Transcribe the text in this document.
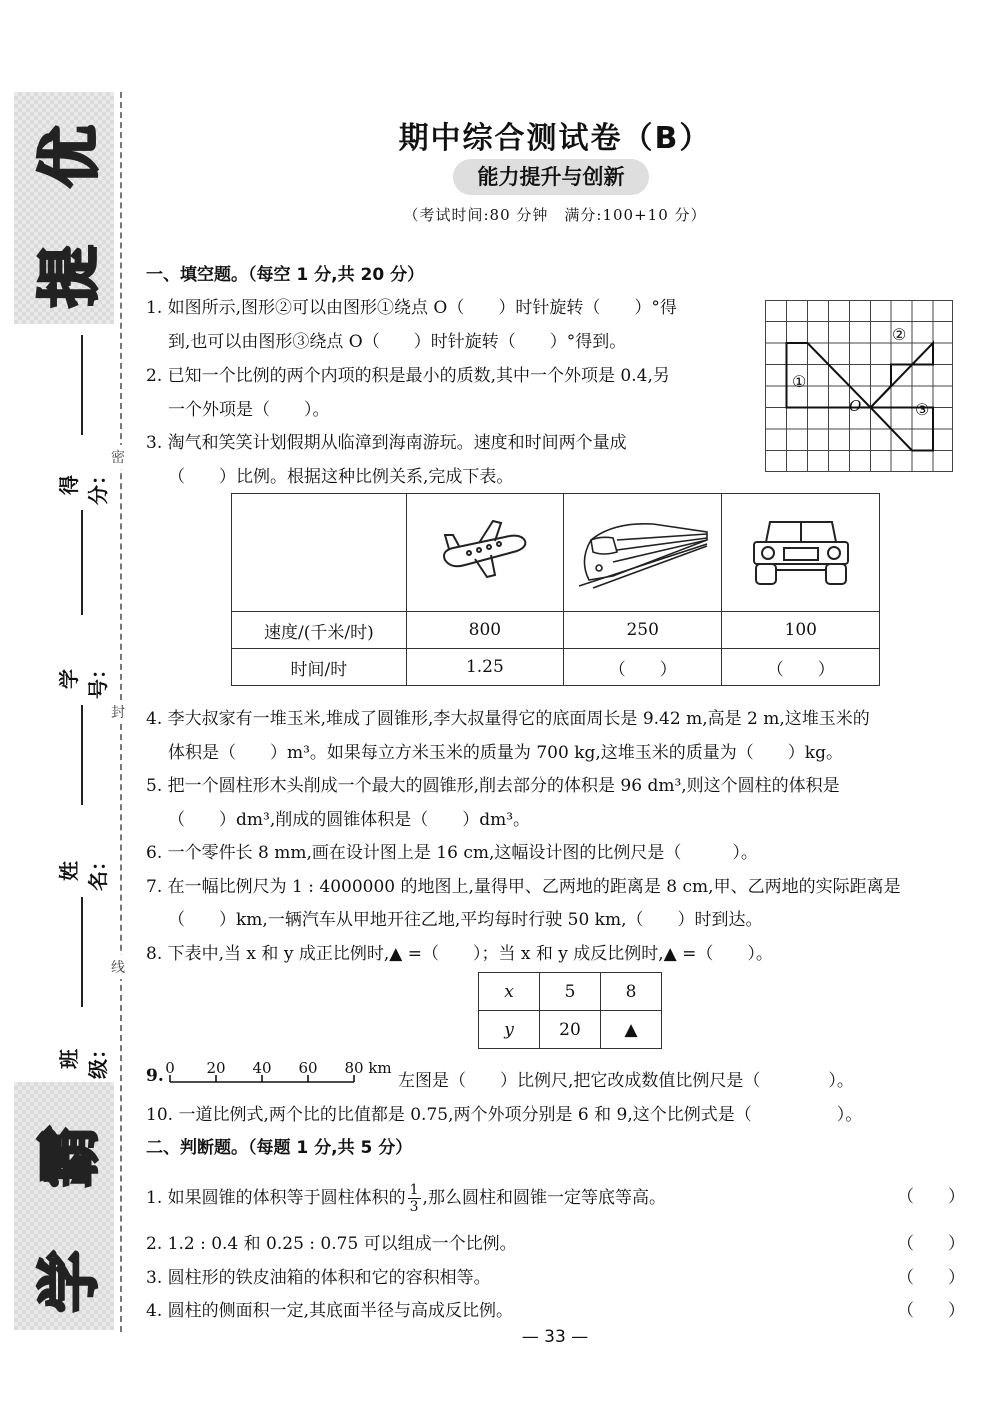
提
优
得分：
学号：
姓名：
班级：
学
霸
密
封
线
期中综合测试卷（B）
能力提升与创新
（考试时间:80 分钟　满分:100+10 分）
一、填空题。（每空 1 分,共 20 分）
1. 如图所示,图形②可以由图形①绕点 O（　　）时针旋转（　　）°得
到,也可以由图形③绕点 O（　　）时针旋转（　　）°得到。
①
②
③
O
2. 已知一个比例的两个内项的积是最小的质数,其中一个外项是 0.4,另
一个外项是（　　）。
3. 淘气和笑笑计划假期从临漳到海南游玩。速度和时间两个量成
（　　）比例。根据这种比例关系,完成下表。

速度/(千米/时)	800	250	100
时间/时	1.25	（　　）	（　　）
4. 李大叔家有一堆玉米,堆成了圆锥形,李大叔量得它的底面周长是 9.42 m,高是 2 m,这堆玉米的
体积是（　　）m³。如果每立方米玉米的质量为 700 kg,这堆玉米的质量为（　　）kg。
5. 把一个圆柱形木头削成一个最大的圆锥形,削去部分的体积是 96 dm³,则这个圆柱的体积是
（　　）dm³,削成的圆锥体积是（　　）dm³。
6. 一个零件长 8 mm,画在设计图上是 16 cm,这幅设计图的比例尺是（　　　）。
7. 在一幅比例尺为 1 : 4000000 的地图上,量得甲、乙两地的距离是 8 cm,甲、乙两地的实际距离是
（　　）km,一辆汽车从甲地开往乙地,平均每时行驶 50 km,（　　）时到达。
8. 下表中,当 x 和 y 成正比例时,▲ =（　　）；当 x 和 y 成反比例时,▲ =（　　）。
x	5	8
y	20	▲
9. 0 20 40 60 80 km
左图是（　　）比例尺,把它改成数值比例尺是（　　　　）。
10. 一道比例式,两个比的比值都是 0.75,两个外项分别是 6 和 9,这个比例式是（　　　　　）。
二、判断题。（每题 1 分,共 5 分）
1. 如果圆锥的体积等于圆柱体积的 $\frac{1}{3}$ ,那么圆柱和圆锥一定等底等高。	（　　）
2. 1.2 : 0.4 和 0.25 : 0.75 可以组成一个比例。	（　　）
3. 圆柱形的铁皮油箱的体积和它的容积相等。	（　　）
4. 圆柱的侧面积一定,其底面半径与高成反比例。	（　　）
— 33 —
